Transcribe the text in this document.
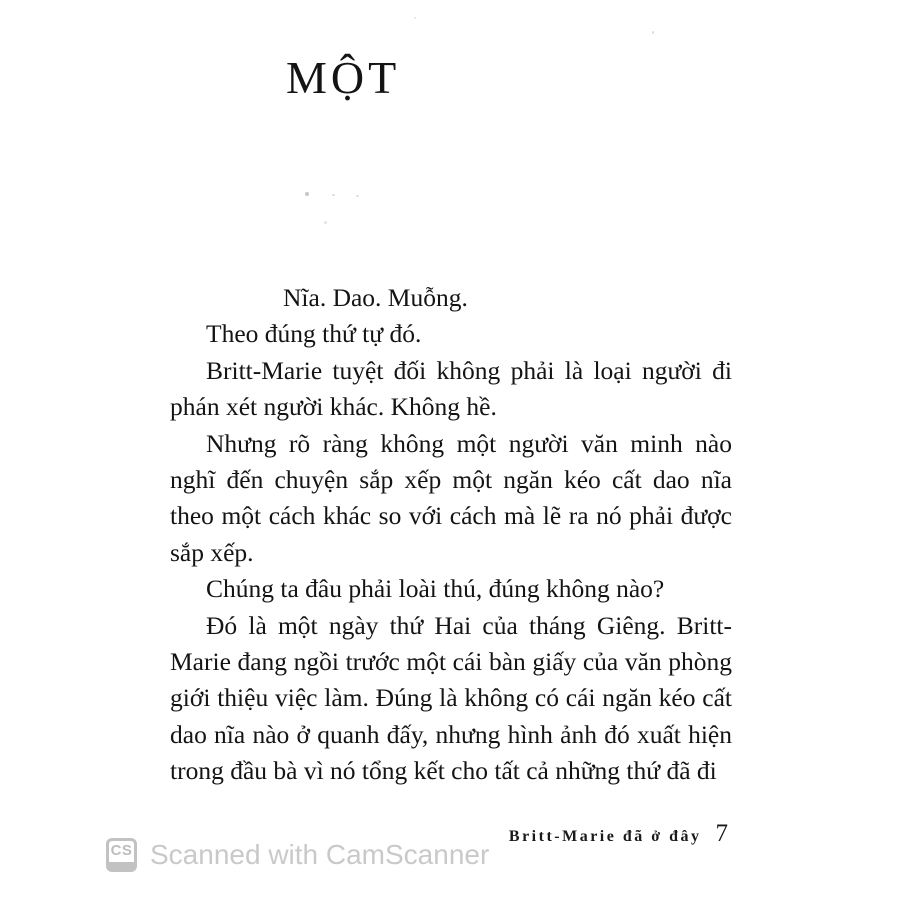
MỘT

Nĩa. Dao. Muỗng.

Theo đúng thứ tự đó.

Britt-Marie tuyệt đối không phải là loại người đi phán xét người khác. Không hề.

Nhưng rõ ràng không một người văn minh nào nghĩ đến chuyện sắp xếp một ngăn kéo cất dao nĩa theo một cách khác so với cách mà lẽ ra nó phải được sắp xếp.

Chúng ta đâu phải loài thú, đúng không nào?

Đó là một ngày thứ Hai của tháng Giêng. Britt-Marie đang ngồi trước một cái bàn giấy của văn phòng giới thiệu việc làm. Đúng là không có cái ngăn kéo cất dao nĩa nào ở quanh đấy, nhưng hình ảnh đó xuất hiện trong đầu bà vì nó tổng kết cho tất cả những thứ đã đi

Britt-Marie đã ở đây 7
CS Scanned with CamScanner
